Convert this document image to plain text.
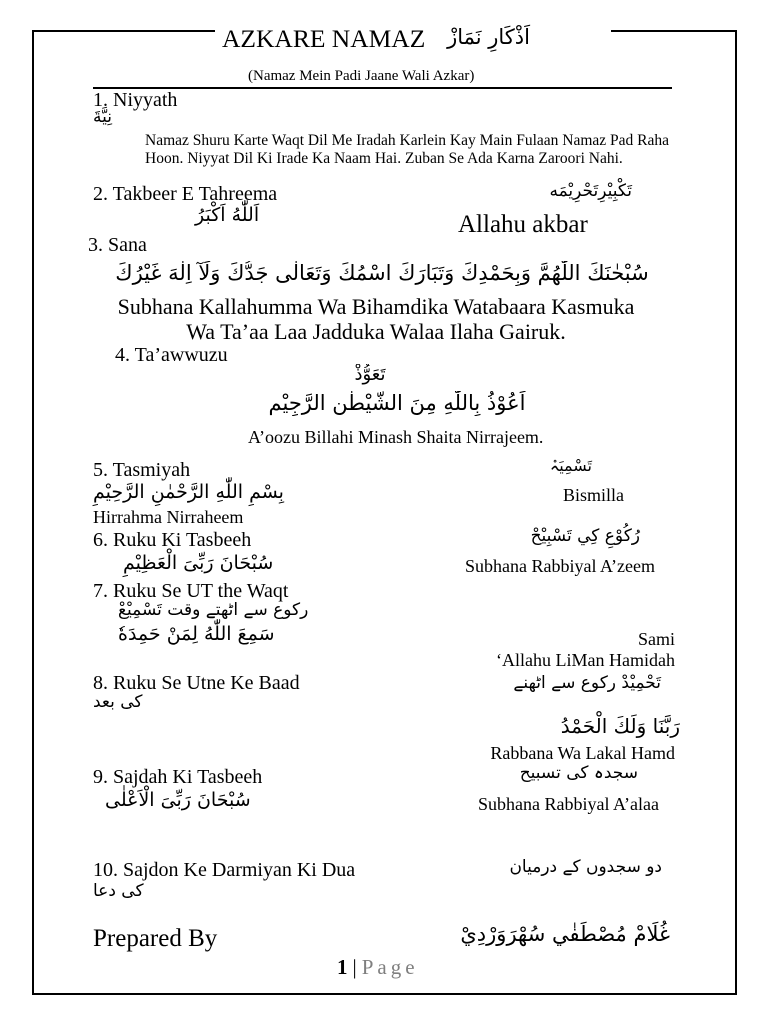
AZKARE NAMAZ اَذْكَارِ نَمَازْ
(Namaz Mein Padi Jaane Wali Azkar)
1. Niyyath
نِيَّةَ
Namaz Shuru Karte Waqt Dil Me Iradah Karlein Kay Main Fulaan Namaz Pad Raha Hoon. Niyyat Dil Ki Irade Ka Naam Hai. Zuban Se Ada Karna Zaroori Nahi.
2. Takbeer E Tahreema	تَكْبِيْرِتَحْرِيْمَه
اَللّٰهُ اَكْبَرُ	Allahu akbar
3. Sana
سُبْحٰنَكَ اللّٰهُمَّ وَبِحَمْدِكَ وَتَبَارَكَ اسْمُكَ وَتَعَالٰى جَدُّكَ وَلَآ اِلٰهَ غَيْرُكَ
Subhana Kallahumma Wa Bihamdika Watabaara Kasmuka Wa Ta’aa Laa Jadduka Walaa Ilaha Gairuk.
4. Ta’awwuzu
تَعَوُّذْ
اَعُوْذُ بِاللّٰهِ مِنَ الشَّيْطٰنِ الرَّجِيْمِ
A’oozu Billahi Minash Shaita Nirrajeem.
5. Tasmiyah	تَسْمِيَہْ
بِسْمِ اللّٰهِ الرَّحْمٰنِ الرَّحِيْمِ	Bismilla
Hirrahma Nirraheem
6. Ruku Ki Tasbeeh	رُكُوْعِ كِي تَسْبِيْحْ
سُبْحَانَ رَبِّیَ الْعَظِيْمِ	Subhana Rabbiyal A’zeem
7. Ruku Se UT the Waqt
رکوع سے اٹھتے وقت تَسْمِيْعْ
سَمِعَ اللّٰهُ لِمَنْ حَمِدَهٗ	Sami
‘Allahu LiMan Hamidah
8. Ruku Se Utne Ke Baad	تَحْمِيْدْ رکوع سے اٹھنے
کی بعد
رَبَّنَا وَلَكَ الْحَمْدُ
Rabbana Wa Lakal Hamd
9. Sajdah Ki Tasbeeh	سجدہ کی تسبیح
سُبْحَانَ رَبِّیَ الْاَعْلٰی	Subhana Rabbiyal A’alaa
10. Sajdon Ke Darmiyan Ki Dua	دو سجدوں کے درمیان
کی دعا
Prepared By	غُلَامْ مُصْطَفٰي سُهْرَوَرْدِيْ
1 | Page
